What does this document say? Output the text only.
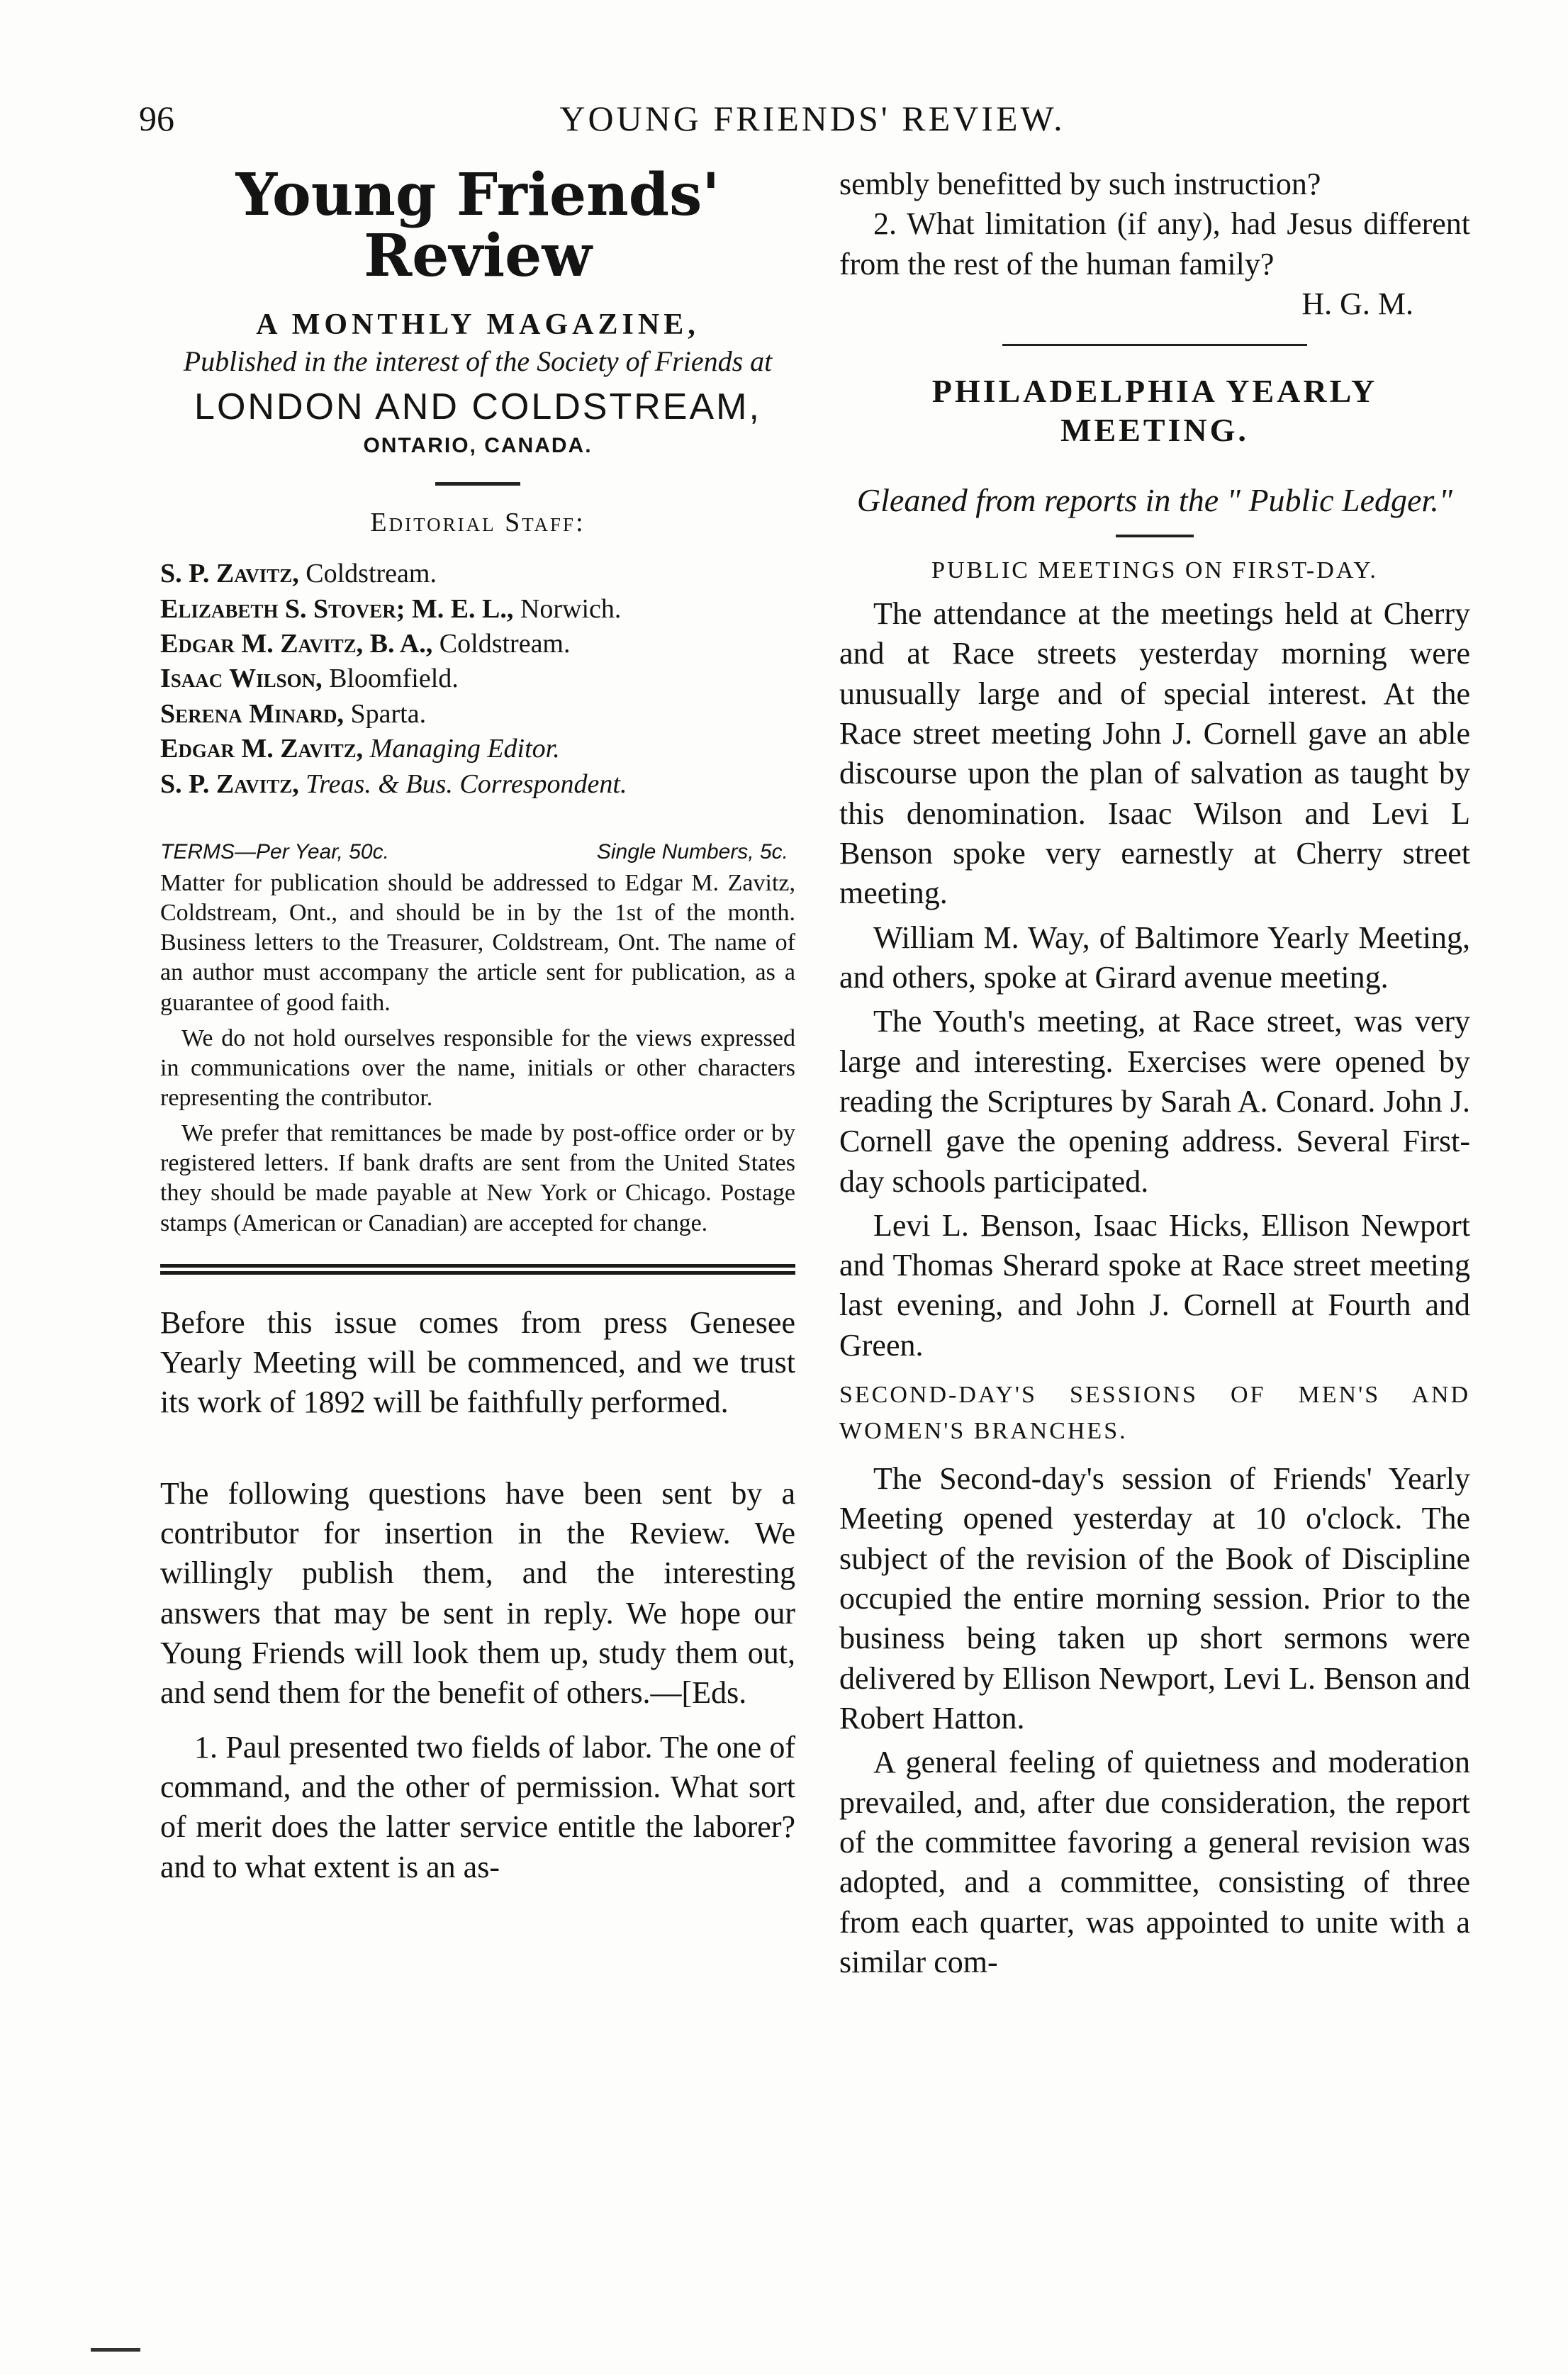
96	YOUNG FRIENDS' REVIEW.
Young Friends' Review

A MONTHLY MAGAZINE,

Published in the interest of the Society of Friends at

LONDON AND COLDSTREAM,

ONTARIO, CANADA.

Editorial Staff:

S. P. Zavitz, Coldstream.
Elizabeth S. Stover; M. E. L., Norwich.
Edgar M. Zavitz, B. A., Coldstream.
Isaac Wilson, Bloomfield.
Serena Minard, Sparta.
Edgar M. Zavitz, Managing Editor.
S. P. Zavitz, Treas. & Bus. Correspondent.
TERMS—Per Year, 50c.	Single Numbers, 5c.

Matter for publication should be addressed to Edgar M. Zavitz, Coldstream, Ont., and should be in by the 1st of the month. Business letters to the Treasurer, Coldstream, Ont. The name of an author must accompany the article sent for publication, as a guarantee of good faith.

We do not hold ourselves responsible for the views expressed in communications over the name, initials or other characters representing the contributor.

We prefer that remittances be made by post-office order or by registered letters. If bank drafts are sent from the United States they should be made payable at New York or Chicago. Postage stamps (American or Canadian) are accepted for change.

Before this issue comes from press Genesee Yearly Meeting will be commenced, and we trust its work of 1892 will be faithfully performed.

The following questions have been sent by a contributor for insertion in the Review. We willingly publish them, and the interesting answers that may be sent in reply. We hope our Young Friends will look them up, study them out, and send them for the benefit of others.—[Eds.

1. Paul presented two fields of labor. The one of command, and the other of permission. What sort of merit does the latter service entitle the laborer? and to what extent is an as-

sembly benefitted by such instruction?

2. What limitation (if any), had Jesus different from the rest of the human family?

H. G. M.

PHILADELPHIA YEARLY MEETING.

Gleaned from reports in the " Public Ledger."

PUBLIC MEETINGS ON FIRST-DAY.

The attendance at the meetings held at Cherry and at Race streets yesterday morning were unusually large and of special interest. At the Race street meeting John J. Cornell gave an able discourse upon the plan of salvation as taught by this denomination. Isaac Wilson and Levi L Benson spoke very earnestly at Cherry street meeting.

William M. Way, of Baltimore Yearly Meeting, and others, spoke at Girard avenue meeting.

The Youth's meeting, at Race street, was very large and interesting. Exercises were opened by reading the Scriptures by Sarah A. Conard. John J. Cornell gave the opening address. Several First-day schools participated.

Levi L. Benson, Isaac Hicks, Ellison Newport and Thomas Sherard spoke at Race street meeting last evening, and John J. Cornell at Fourth and Green.

SECOND-DAY'S SESSIONS OF MEN'S AND WOMEN'S BRANCHES.

The Second-day's session of Friends' Yearly Meeting opened yesterday at 10 o'clock. The subject of the revision of the Book of Discipline occupied the entire morning session. Prior to the business being taken up short sermons were delivered by Ellison Newport, Levi L. Benson and Robert Hatton.

A general feeling of quietness and moderation prevailed, and, after due consideration, the report of the committee favoring a general revision was adopted, and a committee, consisting of three from each quarter, was appointed to unite with a similar com-
